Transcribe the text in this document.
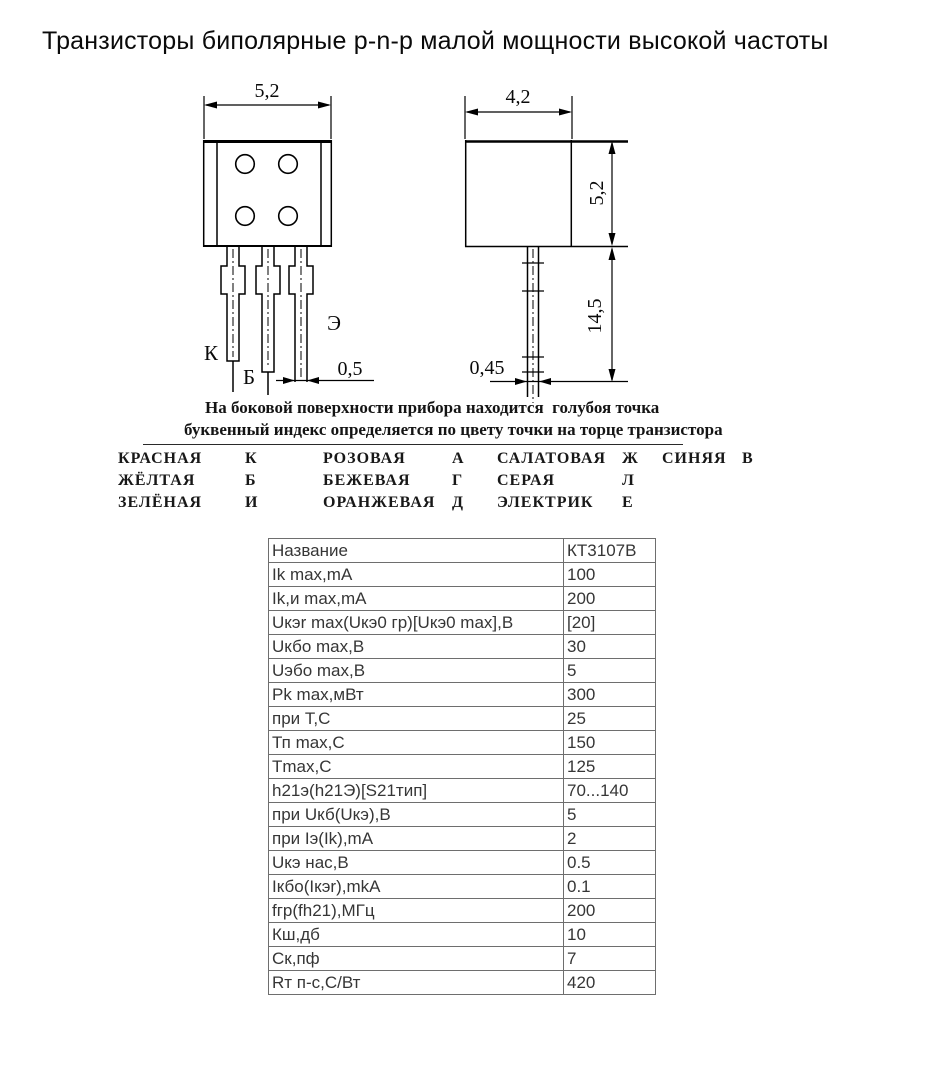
Транзисторы биполярные p-n-p малой мощности высокой частоты
5,2
К
Б
Э
0,5
4,2
5,2
14,5
0,45
На боковой поверхности прибора находится  голубоя точка
буквенный индекс определяется по цвету точки на торце транзистора
КРАСНАЯ	К	РОЗОВАЯ	А САЛАТОВАЯ Ж СИНЯЯ В
ЖЁЛТАЯ	Б	БЕЖЕВАЯ	Г СЕРАЯ	Л
ЗЕЛЁНАЯ	И	ОРАНЖЕВАЯ Д ЭЛЕКТРИК Е
Название	КТ3107В
Ik max,mA	100
Ik,и max,mA	200
Uкэr max(Uкэ0 гр)[Uкэ0 max],В	[20]
Uкбо max,В	30
Uэбо max,В	5
Pk max,мВт	300
при Т,С	25
Тп max,С	150
Tmax,С	125
h21э(h21Э)[S21тип]	70...140
при Uкб(Uкэ),В	5
при Iэ(Ik),mA	2
Uкэ нас,В	0.5
Iкбо(Iкэr),mkA	0.1
fгр(fh21),МГц	200
Кш,дб	10
Ск,пф	7
Rт п-с,С/Вт	420
